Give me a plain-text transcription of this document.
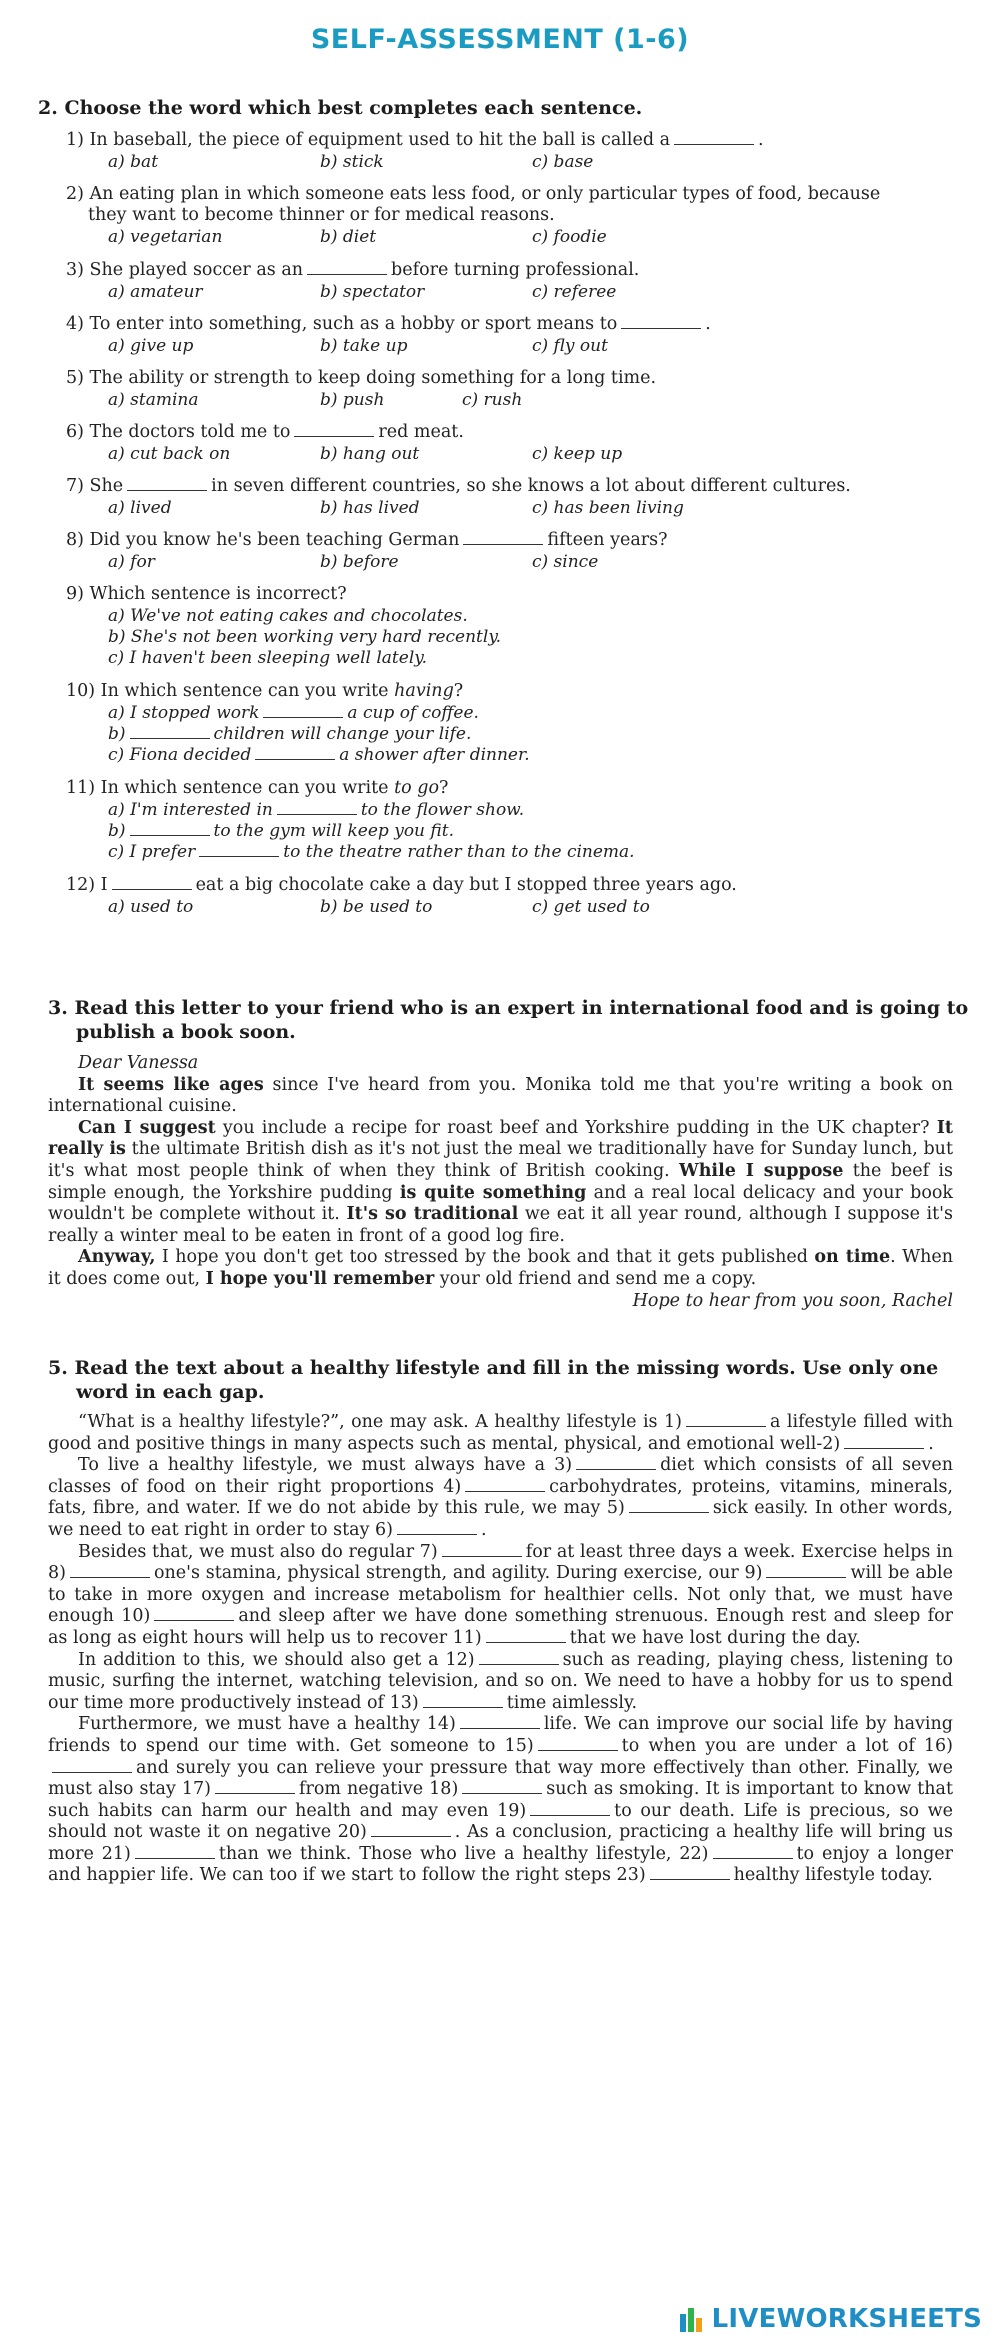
SELF-ASSESSMENT (1-6)
2. Choose the word which best completes each sentence.
1) In baseball, the piece of equipment used to hit the ball is called a	.
a) bat	b) stick	c) base
2) An eating plan in which someone eats less food, or only particular types of food, because
they want to become thinner or for medical reasons.
a) vegetarian	b) diet	c) foodie
3) She played soccer as an	before turning professional.
a) amateur	b) spectator	c) referee
4) To enter into something, such as a hobby or sport means to	.
a) give up	b) take up	c) fly out
5) The ability or strength to keep doing something for a long time.
a) stamina	b) push	c) rush
6) The doctors told me to	red meat.
a) cut back on	b) hang out	c) keep up
7) She	in seven different countries, so she knows a lot about different cultures.
a) lived	b) has lived	c) has been living
8) Did you know he's been teaching German	fifteen years?
a) for	b) before	c) since
9) Which sentence is incorrect?
a) We've not eating cakes and chocolates.
b) She's not been working very hard recently.
c) I haven't been sleeping well lately.
10) In which sentence can you write having?
a) I stopped work	a cup of coffee.
b)	children will change your life.
c) Fiona decided	a shower after dinner.
11) In which sentence can you write to go?
a) I'm interested in	to the flower show.
b)	to the gym will keep you fit.
c) I prefer	to the theatre rather than to the cinema.
12) I	eat a big chocolate cake a day but I stopped three years ago.
a) used to	b) be used to	c) get used to
3. Read this letter to your friend who is an expert in international food and is going to
publish a book soon.

Dear Vanessa

It seems like ages since I've heard from you. Monika told me that you're writing a book on international cuisine.

Can I suggest you include a recipe for roast beef and Yorkshire pudding in the UK chapter? It really is the ultimate British dish as it's not just the meal we traditionally have for Sunday lunch, but it's what most people think of when they think of British cooking. While I suppose the beef is simple enough, the Yorkshire pudding is quite something and a real local delicacy and your book wouldn't be complete without it. It's so traditional we eat it all year round, although I suppose it's really a winter meal to be eaten in front of a good log fire.

Anyway, I hope you don't get too stressed by the book and that it gets published on time. When it does come out, I hope you'll remember your old friend and send me a copy.

Hope to hear from you soon, Rachel

5. Read the text about a healthy lifestyle and fill in the missing words. Use only one
word in each gap.

“What is a healthy lifestyle?”, one may ask. A healthy lifestyle is 1)	a lifestyle filled with good and positive things in many aspects such as mental, physical, and emotional well-2)	.

To live a healthy lifestyle, we must always have a 3)	diet which consists of all seven classes of food on their right proportions 4)	carbohydrates, proteins, vitamins, minerals, fats, fibre, and water. If we do not abide by this rule, we may 5)	sick easily. In other words, we need to eat right in order to stay 6)	.

Besides that, we must also do regular 7)	for at least three days a week. Exercise helps in 8)	one's stamina, physical strength, and agility. During exercise, our 9)	will be able to take in more oxygen and increase metabolism for healthier cells. Not only that, we must have enough 10)	and sleep after we have done something strenuous. Enough rest and sleep for as long as eight hours will help us to recover 11)	that we have lost during the day.

In addition to this, we should also get a 12)	such as reading, playing chess, listening to music, surfing the internet, watching television, and so on. We need to have a hobby for us to spend our time more productively instead of 13)	time aimlessly.

Furthermore, we must have a healthy 14)	life. We can improve our social life by having friends to spend our time with. Get someone to 15)	to when you are under a lot of 16)and surely you can relieve your pressure that way more effectively than other. Finally, we must also stay 17)	from negative 18)	such as smoking. It is important to know that such habits can harm our health and may even 19)	to our death. Life is precious, so we should not waste it on negative 20)	. As a conclusion, practicing a healthy life will bring us more 21)	than we think. Those who live a healthy lifestyle, 22)	to enjoy a longer and happier life. We can too if we start to follow the right steps 23)	healthy lifestyle today.

LIVEWORKSHEETS
